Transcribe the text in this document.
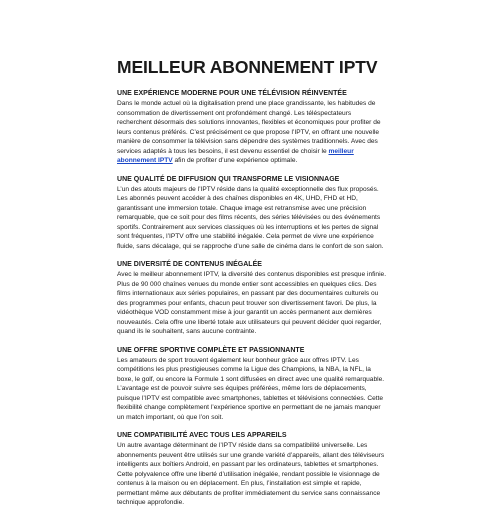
MEILLEUR ABONNEMENT IPTV
UNE EXPÉRIENCE MODERNE POUR UNE TÉLÉVISION RÉINVENTÉE

Dans le monde actuel où la digitalisation prend une place grandissante, les habitudes de consommation de divertissement ont profondément changé. Les téléspectateurs recherchent désormais des solutions innovantes, flexibles et économiques pour profiter de leurs contenus préférés. C’est précisément ce que propose l’IPTV, en offrant une nouvelle manière de consommer la télévision sans dépendre des systèmes traditionnels. Avec des services adaptés à tous les besoins, il est devenu essentiel de choisir le meilleur abonnement IPTV afin de profiter d’une expérience optimale.

UNE QUALITÉ DE DIFFUSION QUI TRANSFORME LE VISIONNAGE

L’un des atouts majeurs de l’IPTV réside dans la qualité exceptionnelle des flux proposés. Les abonnés peuvent accéder à des chaînes disponibles en 4K, UHD, FHD et HD, garantissant une immersion totale. Chaque image est retransmise avec une précision remarquable, que ce soit pour des films récents, des séries télévisées ou des événements sportifs. Contrairement aux services classiques où les interruptions et les pertes de signal sont fréquentes, l’IPTV offre une stabilité inégalée. Cela permet de vivre une expérience fluide, sans décalage, qui se rapproche d’une salle de cinéma dans le confort de son salon.

UNE DIVERSITÉ DE CONTENUS INÉGALÉE

Avec le meilleur abonnement IPTV, la diversité des contenus disponibles est presque infinie. Plus de 90 000 chaînes venues du monde entier sont accessibles en quelques clics. Des films internationaux aux séries populaires, en passant par des documentaires culturels ou des programmes pour enfants, chacun peut trouver son divertissement favori. De plus, la vidéothèque VOD constamment mise à jour garantit un accès permanent aux dernières nouveautés. Cela offre une liberté totale aux utilisateurs qui peuvent décider quoi regarder, quand ils le souhaitent, sans aucune contrainte.

UNE OFFRE SPORTIVE COMPLÈTE ET PASSIONNANTE

Les amateurs de sport trouvent également leur bonheur grâce aux offres IPTV. Les compétitions les plus prestigieuses comme la Ligue des Champions, la NBA, la NFL, la boxe, le golf, ou encore la Formule 1 sont diffusées en direct avec une qualité remarquable. L’avantage est de pouvoir suivre ses équipes préférées, même lors de déplacements, puisque l’IPTV est compatible avec smartphones, tablettes et télévisions connectées. Cette flexibilité change complètement l’expérience sportive en permettant de ne jamais manquer un match important, où que l’on soit.

UNE COMPATIBILITÉ AVEC TOUS LES APPAREILS

Un autre avantage déterminant de l’IPTV réside dans sa compatibilité universelle. Les abonnements peuvent être utilisés sur une grande variété d’appareils, allant des téléviseurs intelligents aux boîtiers Android, en passant par les ordinateurs, tablettes et smartphones. Cette polyvalence offre une liberté d’utilisation inégalée, rendant possible le visionnage de contenus à la maison ou en déplacement. En plus, l’installation est simple et rapide, permettant même aux débutants de profiter immédiatement du service sans connaissance technique approfondie.
